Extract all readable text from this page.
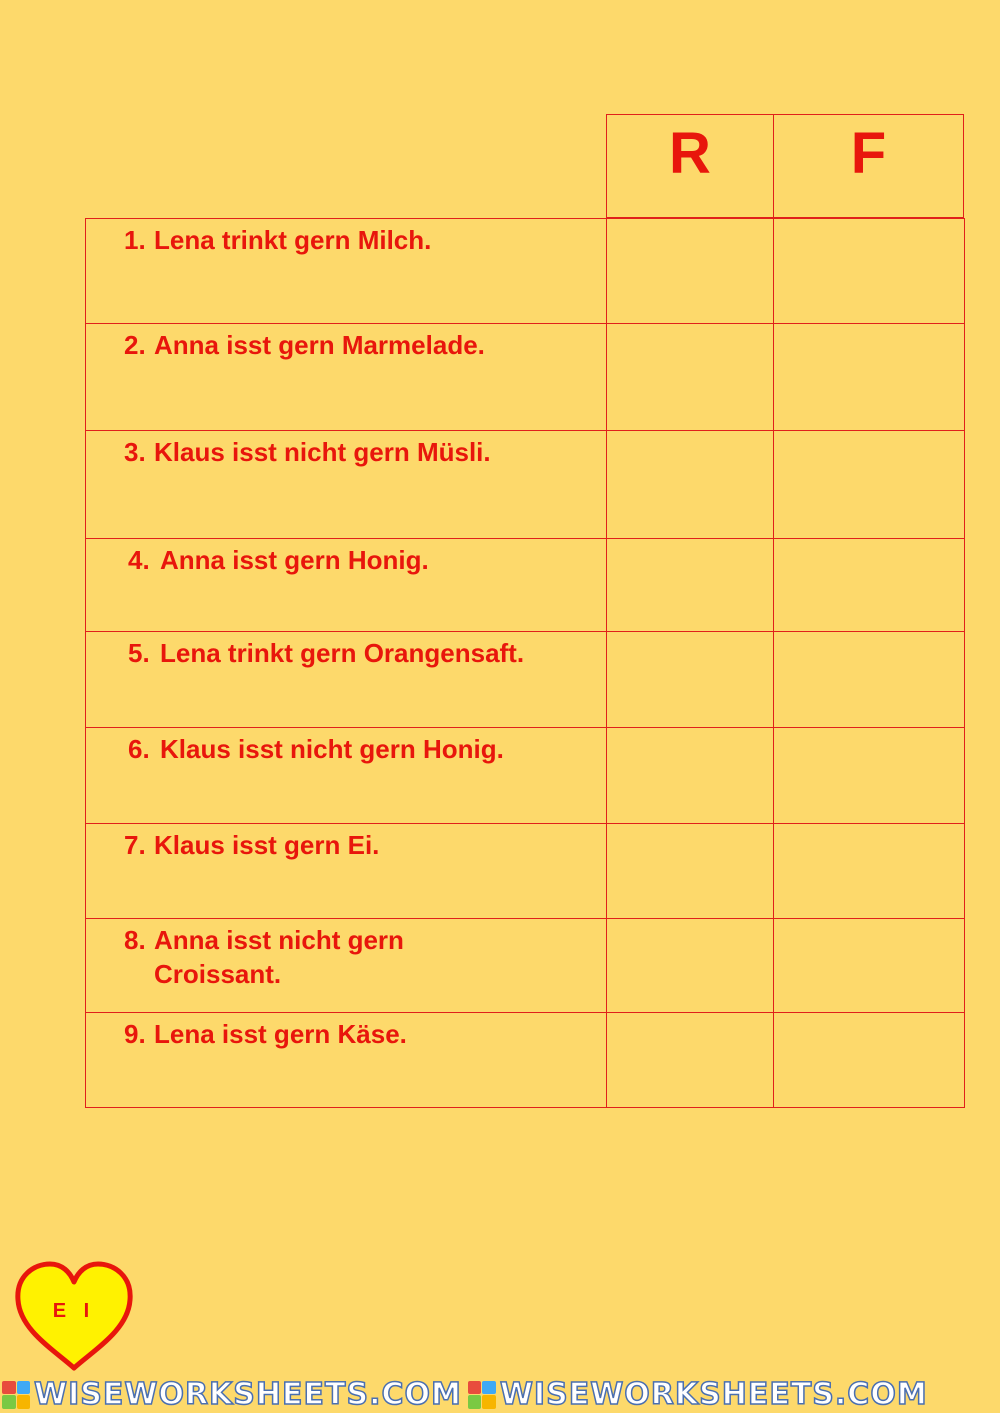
R	F
1. Lena trinkt gern Milch.		

2. Anna isst gern Marmelade.		

3. Klaus isst nicht gern Müsli.		

4. Anna isst gern Honig.		

5. Lena trinkt gern Orangensaft.		

6. Klaus isst nicht gern Honig.		

7. Klaus isst gern Ei.		

8. Anna isst nicht gern Croissant.		

9. Lena isst gern Käse.		

E I
WISEWORKSHEETS.COM WISEWORKSHEETS.COM
